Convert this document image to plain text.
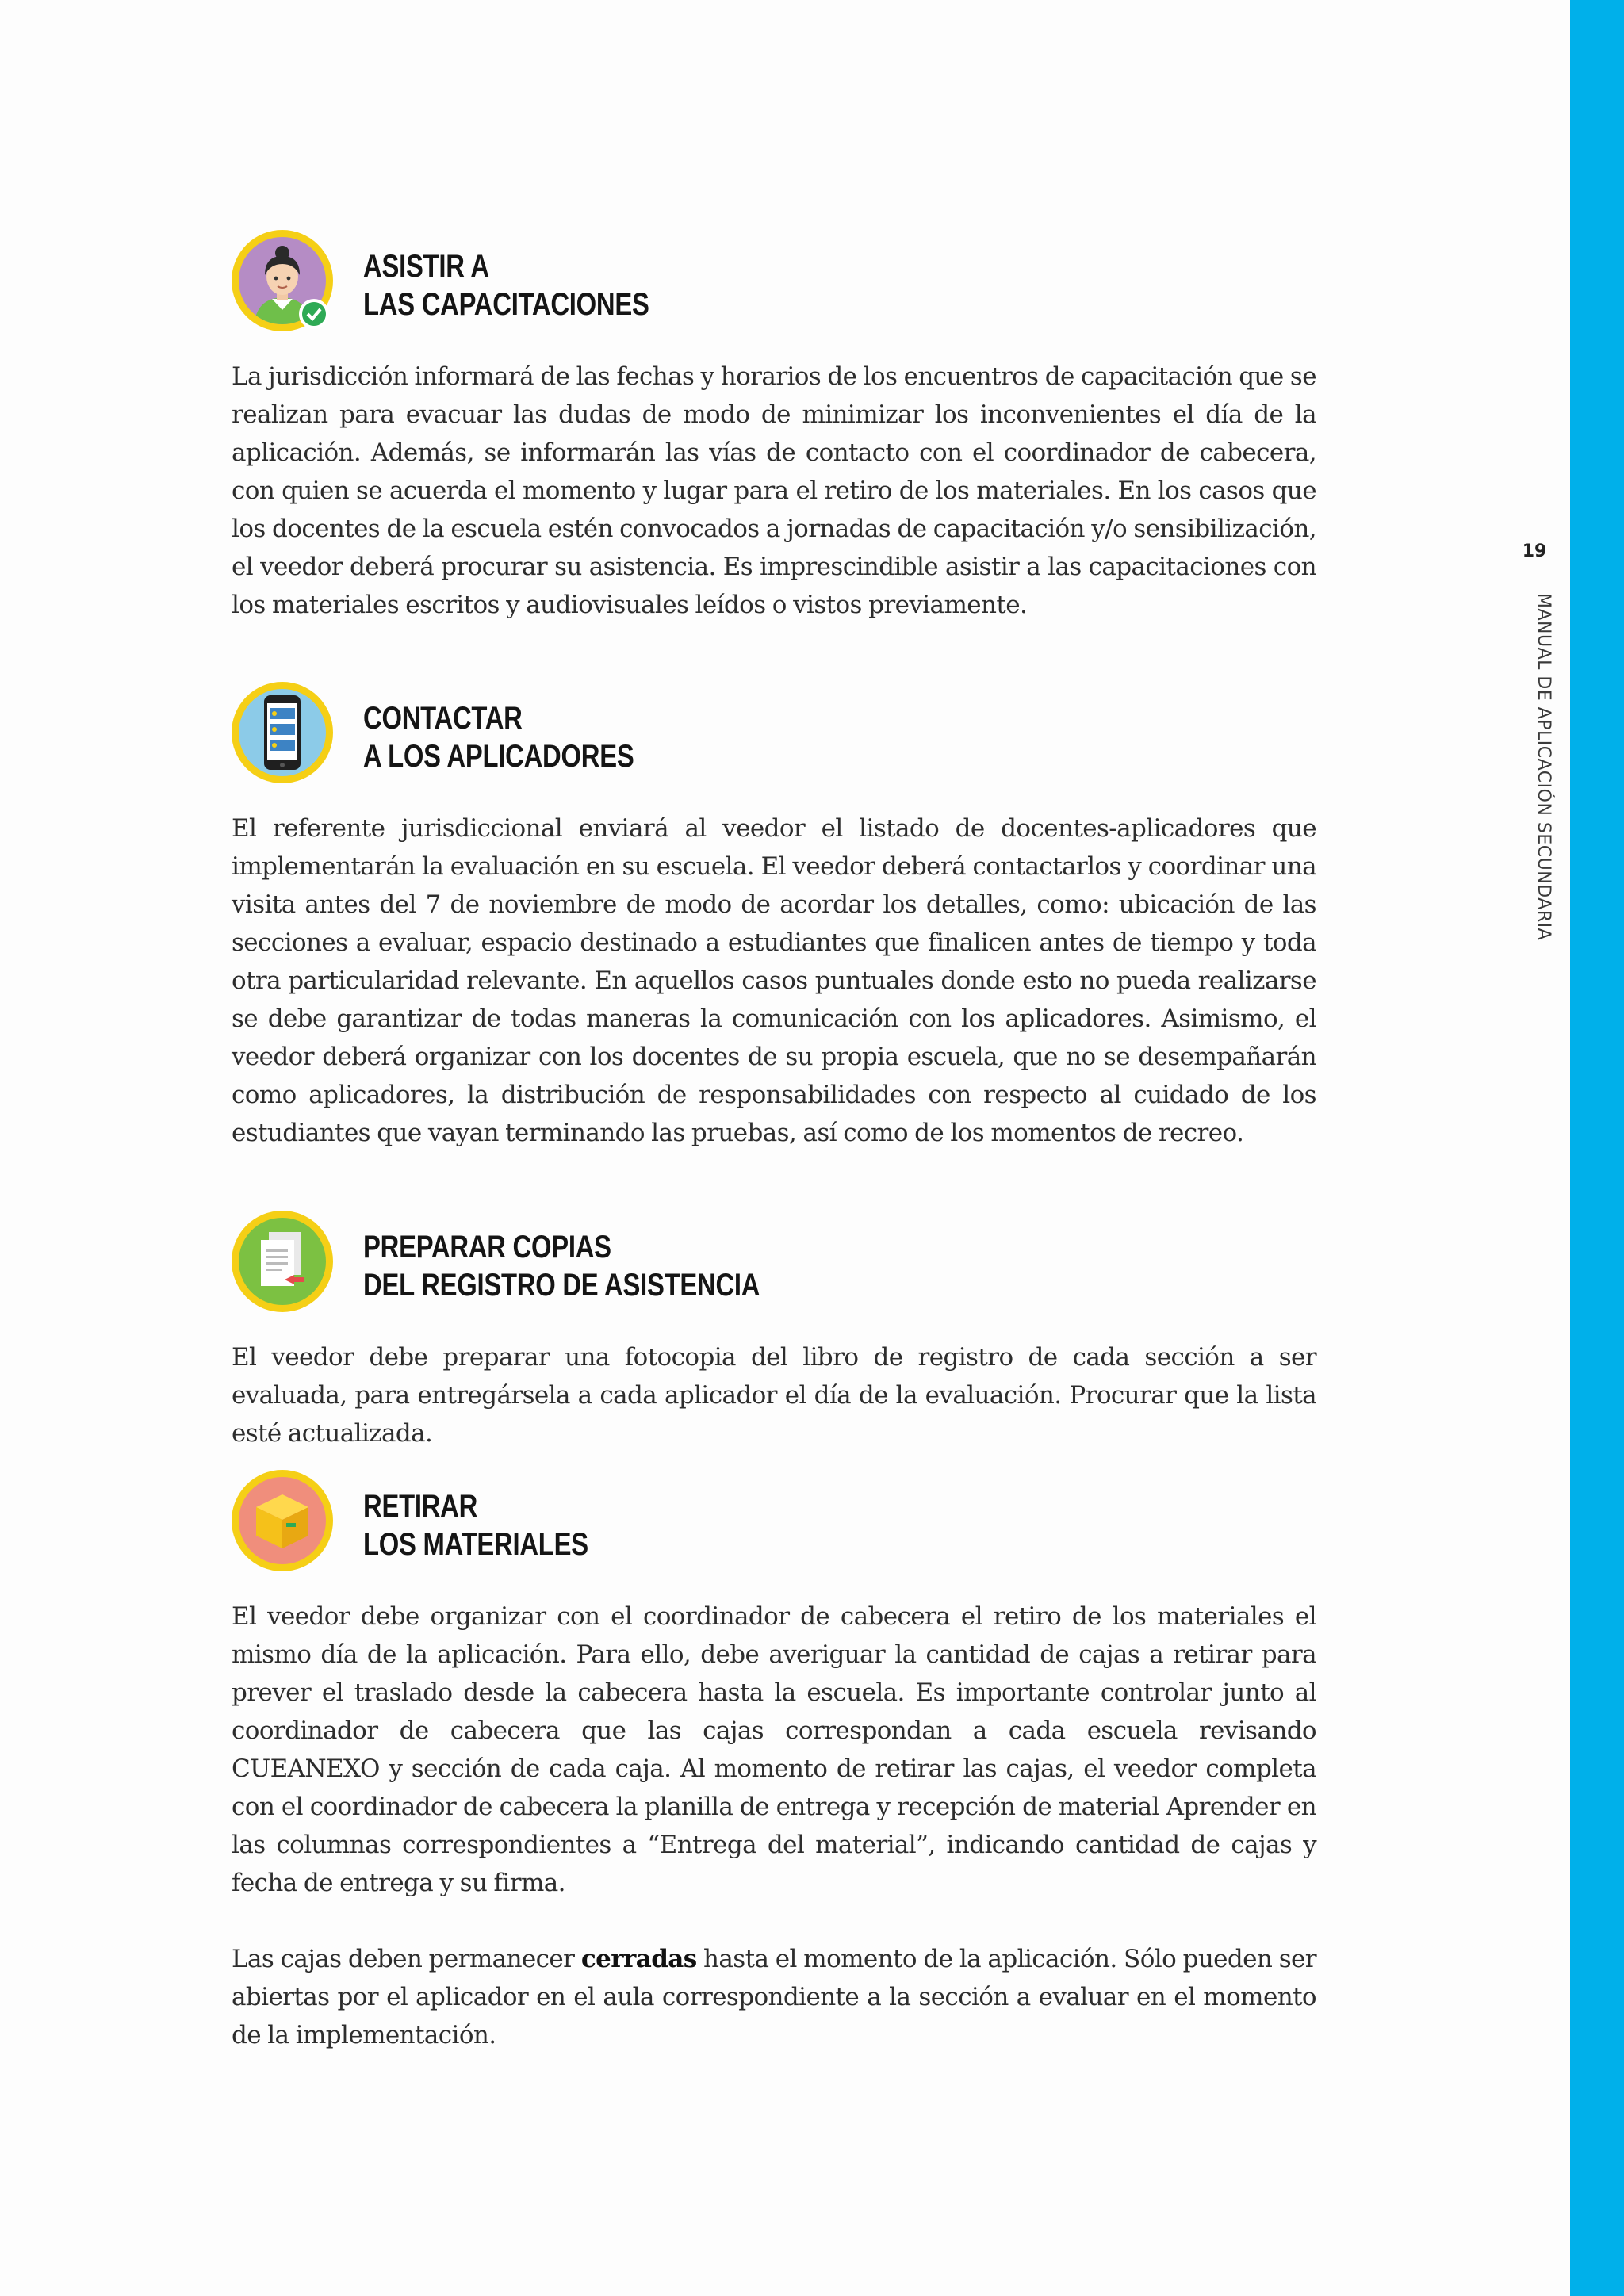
19
MANUAL DE APLICACIÓN SECUNDARIA
ASISTIR A
LAS CAPACITACIONES

La jurisdicción informará de las fechas y horarios de los encuentros de capacitación que se realizan para evacuar las dudas de modo de minimizar los inconvenientes el día de la aplicación. Además, se informarán las vías de contacto con el coordinador de cabecera, con quien se acuerda el momento y lugar para el retiro de los materiales. En los casos que los docentes de la escuela estén convocados a jornadas de capacitación y/o sensibilización, el veedor deberá procurar su asistencia. Es imprescindible asistir a las capacitaciones con los materiales escritos y audiovisuales leídos o vistos previamente.

CONTACTAR
A LOS APLICADORES

El referente jurisdiccional enviará al veedor el listado de docentes-aplicadores que implementarán la evaluación en su escuela. El veedor deberá contactarlos y coordinar una visita antes del 7 de noviembre de modo de acordar los detalles, como: ubicación de las secciones a evaluar, espacio destinado a estudiantes que finalicen antes de tiempo y toda otra particularidad relevante. En aquellos casos puntuales donde esto no pueda realizarse se debe garantizar de todas maneras la comunicación con los aplicadores. Asimismo, el veedor deberá organizar con los docentes de su propia escuela, que no se desempañarán como aplicadores, la distribución de responsabilidades con respecto al cuidado de los estudiantes que vayan terminando las pruebas, así como de los momentos de recreo.

PREPARAR COPIAS
DEL REGISTRO DE ASISTENCIA

El veedor debe preparar una fotocopia del libro de registro de cada sección a ser evaluada, para entregársela a cada aplicador el día de la evaluación. Procurar que la lista esté actualizada.

RETIRAR
LOS MATERIALES

El veedor debe organizar con el coordinador de cabecera el retiro de los materiales el mismo día de la aplicación. Para ello, debe averiguar la cantidad de cajas a retirar para prever el traslado desde la cabecera hasta la escuela. Es importante controlar junto al coordinador de cabecera que las cajas correspondan a cada escuela revisando CUEANEXO y sección de cada caja. Al momento de retirar las cajas, el veedor completa con el coordinador de cabecera la planilla de entrega y recepción de material Aprender en las columnas correspondientes a “Entrega del material”, indicando cantidad de cajas y fecha de entrega y su firma.

Las cajas deben permanecer cerradas hasta el momento de la aplicación. Sólo pueden ser abiertas por el aplicador en el aula correspondiente a la sección a evaluar en el momento de la implementación.
